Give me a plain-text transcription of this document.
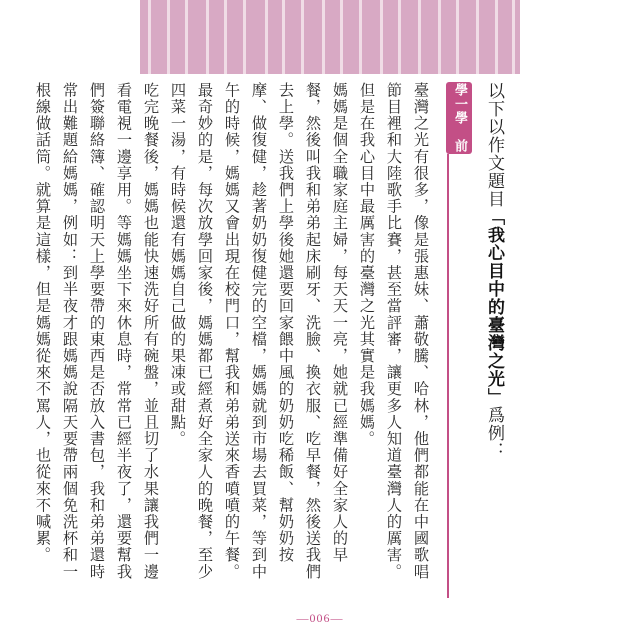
以下以作文題目「我心目中的臺灣之光」爲例：
學一學　前

臺灣之光有很多，像是張惠妹、蕭敬騰、哈林，他們都能在中國歌唱節目裡和大陸歌手比賽，甚至當評審，讓更多人知道臺灣人的厲害。但是在我心目中最厲害的臺灣之光其實是我媽媽。

媽媽是個全職家庭主婦，每天天一亮，她就已經準備好全家人的早餐，然後叫我和弟弟起床刷牙、洗臉、換衣服、吃早餐，然後送我們去上學。送我們上學後她還要回家餵中風的奶奶吃稀飯、幫奶奶按摩、做復健，趁著奶奶復健完的空檔，媽媽就到市場去買菜，等到中午的時候，媽媽又會出現在校門口，幫我和弟弟送來香噴噴的午餐。最奇妙的是，每次放學回家後，媽媽都已經煮好全家人的晚餐，至少四菜一湯，有時候還有媽媽自己做的果凍或甜點。

吃完晚餐後，媽媽也能快速洗好所有碗盤，並且切了水果讓我們一邊看電視一邊享用。等媽媽坐下來休息時，常常已經半夜了，還要幫我們簽聯絡簿、確認明天上學要帶的東西是否放入書包，我和弟弟還時常出難題給媽媽，例如：到半夜才跟媽媽說隔天要帶兩個免洗杯和一根線做話筒。就算是這樣，但是媽媽從來不罵人，也從來不喊累。

—006—
